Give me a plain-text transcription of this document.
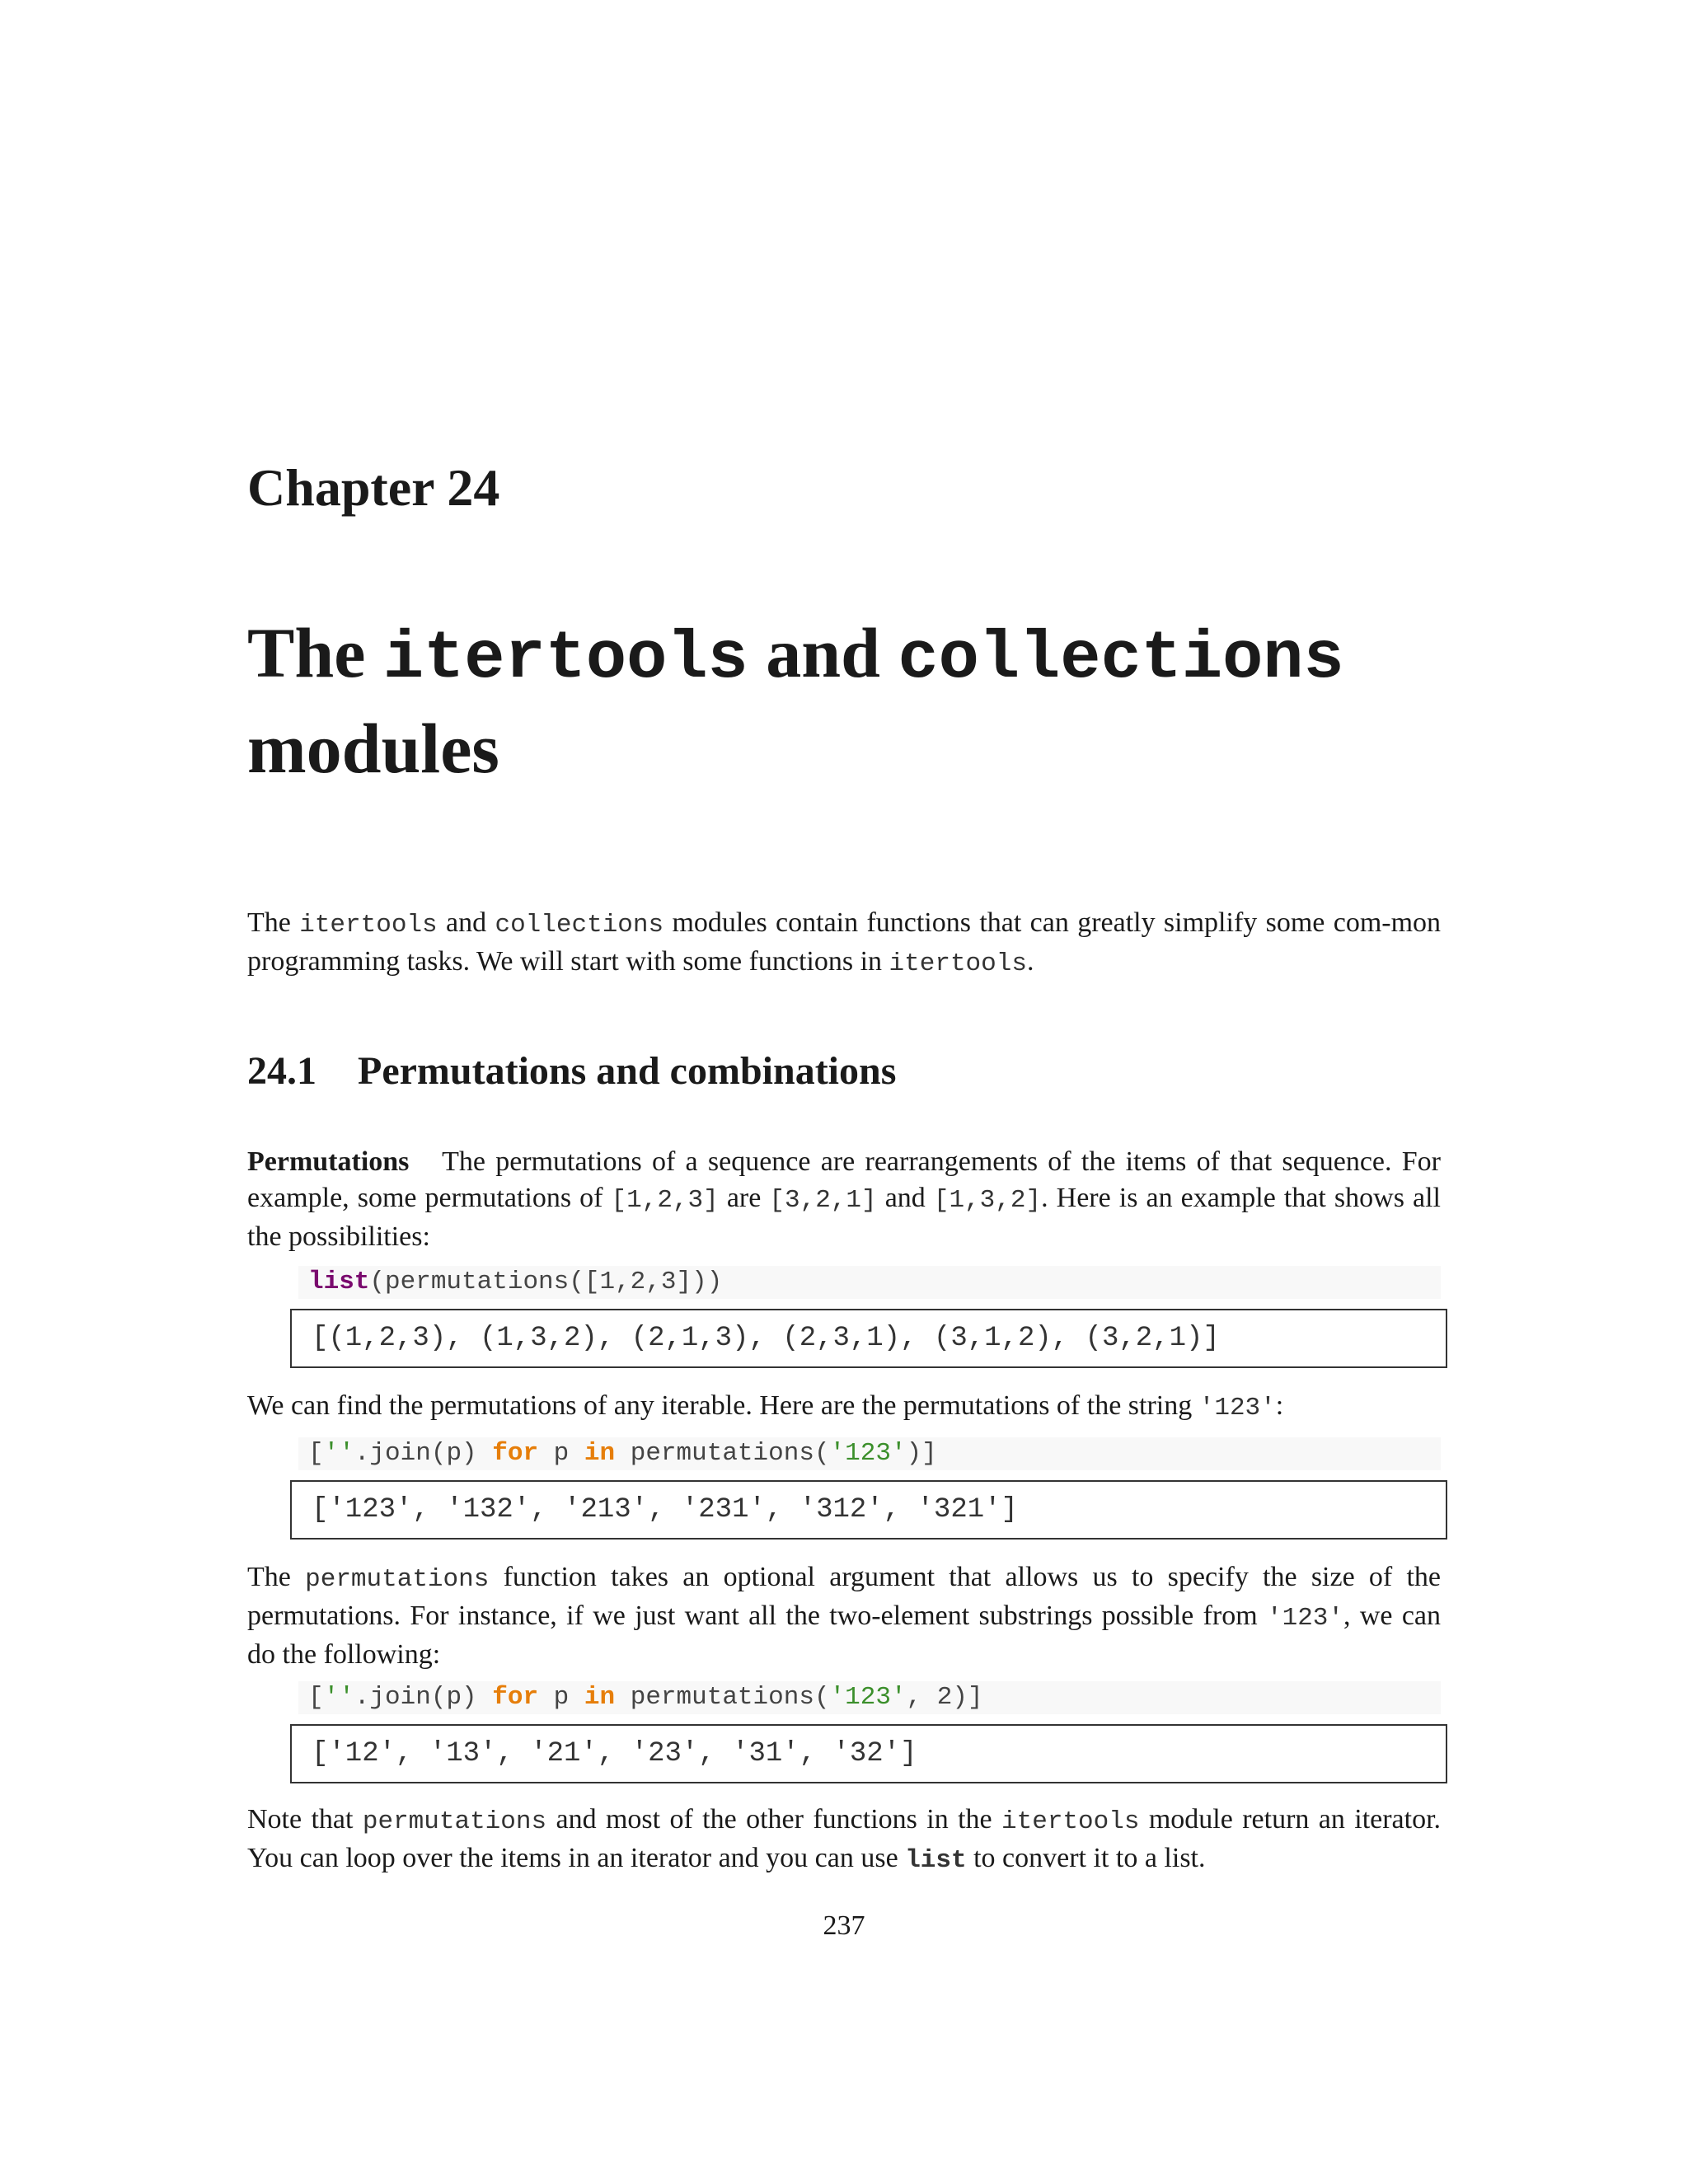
Chapter 24
The itertools and collections
modules
The itertools and collections modules contain functions that can greatly simplify some com-mon programming tasks. We will start with some functions in itertools.
24.1 Permutations and combinations
Permutations The permutations of a sequence are rearrangements of the items of that sequence. For example, some permutations of [1,2,3] are [3,2,1] and [1,3,2]. Here is an example that shows all the possibilities:
list(permutations([1,2,3]))
[(1,2,3), (1,3,2), (2,1,3), (2,3,1), (3,1,2), (3,2,1)]
We can find the permutations of any iterable. Here are the permutations of the string '123':
[''.join(p) for p in permutations('123')]
['123', '132', '213', '231', '312', '321']
The permutations function takes an optional argument that allows us to specify the size of the permutations. For instance, if we just want all the two-element substrings possible from '123', we can do the following:
[''.join(p) for p in permutations('123', 2)]
['12', '13', '21', '23', '31', '32']
Note that permutations and most of the other functions in the itertools module return an iterator. You can loop over the items in an iterator and you can use list to convert it to a list.
237
